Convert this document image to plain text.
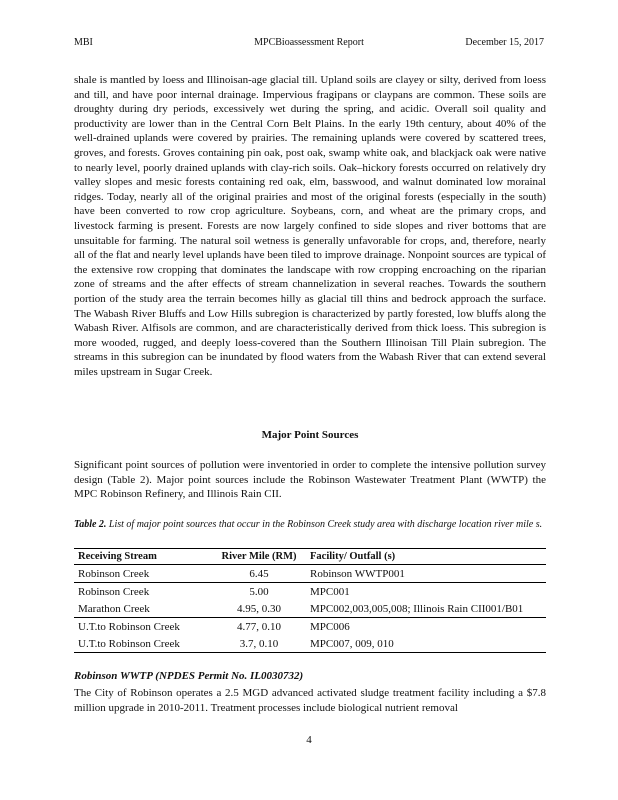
MBI	MPCBioassessment Report	December 15, 2017

shale is mantled by loess and Illinoisan-age glacial till. Upland soils are clayey or silty, derived from loess and till, and have poor internal drainage. Impervious fragipans or claypans are common. These soils are droughty during dry periods, excessively wet during the spring, and acidic. Overall soil quality and productivity are lower than in the Central Corn Belt Plains. In the early 19th century, about 40% of the well-drained uplands were covered by prairies. The remaining uplands were covered by scattered trees, groves, and forests. Groves containing pin oak, post oak, swamp white oak, and blackjack oak were native to nearly level, poorly drained uplands with clay-rich soils. Oak–hickory forests occurred on relatively dry valley slopes and mesic forests containing red oak, elm, basswood, and walnut dominated low morainal ridges. Today, nearly all of the original prairies and most of the original forests (especially in the south) have been converted to row crop agriculture. Soybeans, corn, and wheat are the primary crops, and livestock farming is present. Forests are now largely confined to side slopes and river bottoms that are unsuitable for farming. The natural soil wetness is generally unfavorable for crops, and, therefore, nearly all of the flat and nearly level uplands have been tiled to improve drainage. Nonpoint sources are typical of the extensive row cropping that dominates the landscape with row cropping encroaching on the riparian zone of streams and the after effects of stream channelization in several reaches. Towards the southern portion of the study area the terrain becomes hilly as glacial till thins and bedrock approach the surface. The Wabash River Bluffs and Low Hills subregion is characterized by partly forested, low bluffs along the Wabash River. Alfisols are common, and are characteristically derived from thick loess. This subregion is more wooded, rugged, and deeply loess-covered than the Southern Illinoisan Till Plain subregion. The streams in this subregion can be inundated by flood waters from the Wabash River that can extend several miles upstream in Sugar Creek.

Major Point Sources
Significant point sources of pollution were inventoried in order to complete the intensive pollution survey design (Table 2). Major point sources include the Robinson Wastewater Treatment Plant (WWTP) the MPC Robinson Refinery, and Illinois Rain CII.
Table 2. List of major point sources that occur in the Robinson Creek study area with discharge location river mile s.
Receiving Stream	River Mile (RM)	Facility/ Outfall (s)
Robinson Creek	6.45	Robinson WWTP001
Robinson Creek	5.00	MPC001
Marathon Creek	4.95, 0.30	MPC002,003,005,008; Illinois Rain CII001/B01
U.T.to Robinson Creek	4.77, 0.10	MPC006
U.T.to Robinson Creek	3.7, 0.10	MPC007, 009, 010
Robinson WWTP (NPDES Permit No. IL0030732)
The City of Robinson operates a 2.5 MGD advanced activated sludge treatment facility including a $7.8 million upgrade in 2010-2011. Treatment processes include biological nutrient removal
4
